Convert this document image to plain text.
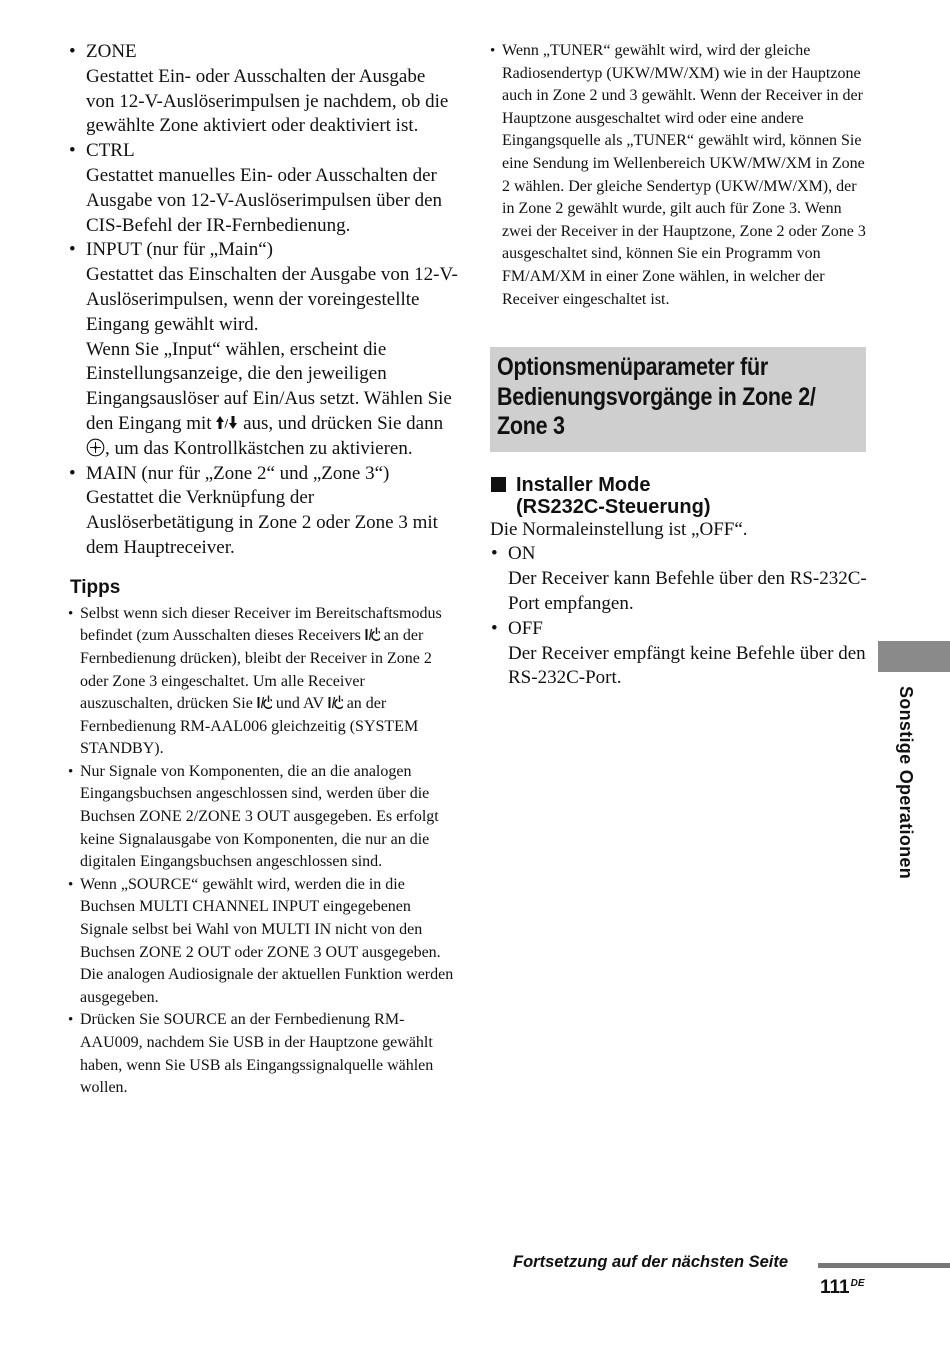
• ZONE
Gestattet Ein- oder Ausschalten der Ausgabe von 12-V-Auslöserimpulsen je nachdem, ob die gewählte Zone aktiviert oder deaktiviert ist.
• CTRL
Gestattet manuelles Ein- oder Ausschalten der Ausgabe von 12-V-Auslöserimpulsen über den CIS-Befehl der IR-Fernbedienung.
• INPUT (nur für „Main“)

Gestattet das Einschalten der Ausgabe von 12-V-Auslöserimpulsen, wenn der voreingestellte Eingang gewählt wird.

Wenn Sie „Input“ wählen, erscheint die Einstellungsanzeige, die den jeweiligen Eingangsauslöser auf Ein/Aus setzt. Wählen Sie den Eingang mit / aus, und drücken Sie dann , um das Kontrollkästchen zu aktivieren.

• MAIN (nur für „Zone 2“ und „Zone 3“)
Gestattet die Verknüpfung der Auslöserbetätigung in Zone 2 oder Zone 3 mit dem Hauptreceiver.
Tipps
• Selbst wenn sich dieser Receiver im Bereitschaftsmodus befindet (zum Ausschalten dieses Receivers an der Fernbedienung drücken), bleibt der Receiver in Zone 2 oder Zone 3 eingeschaltet. Um alle Receiver auszuschalten, drücken Sie und AV an der Fernbedienung RM-AAL006 gleichzeitig (SYSTEM STANDBY).
• Nur Signale von Komponenten, die an die analogen Eingangsbuchsen angeschlossen sind, werden über die Buchsen ZONE 2/ZONE 3 OUT ausgegeben. Es erfolgt keine Signalausgabe von Komponenten, die nur an die digitalen Eingangsbuchsen angeschlossen sind.
• Wenn „SOURCE“ gewählt wird, werden die in die Buchsen MULTI CHANNEL INPUT eingegebenen Signale selbst bei Wahl von MULTI IN nicht von den Buchsen ZONE 2 OUT oder ZONE 3 OUT ausgegeben. Die analogen Audiosignale der aktuellen Funktion werden ausgegeben.
• Drücken Sie SOURCE an der Fernbedienung RM-AAU009, nachdem Sie USB in der Hauptzone gewählt haben, wenn Sie USB als Eingangssignalquelle wählen wollen.
• Wenn „TUNER“ gewählt wird, wird der gleiche Radiosendertyp (UKW/MW/XM) wie in der Hauptzone auch in Zone 2 und 3 gewählt. Wenn der Receiver in der Hauptzone ausgeschaltet wird oder eine andere Eingangsquelle als „TUNER“ gewählt wird, können Sie eine Sendung im Wellenbereich UKW/MW/XM in Zone 2 wählen. Der gleiche Sendertyp (UKW/MW/XM), der in Zone 2 gewählt wurde, gilt auch für Zone 3. Wenn zwei der Receiver in der Hauptzone, Zone 2 oder Zone 3 ausgeschaltet sind, können Sie ein Programm von FM/AM/XM in einer Zone wählen, in welcher der Receiver eingeschaltet ist.
Optionsmenüparameter für
Bedienungsvorgänge in Zone 2/
Zone 3
Installer Mode
(RS232C-Steuerung)

Die Normaleinstellung ist „OFF“.

• ON
Der Receiver kann Befehle über den RS-232C-Port empfangen.
• OFF
Der Receiver empfängt keine Befehle über den RS-232C-Port.
Sonstige Operationen
Fortsetzung auf der nächsten Seite
111DE
